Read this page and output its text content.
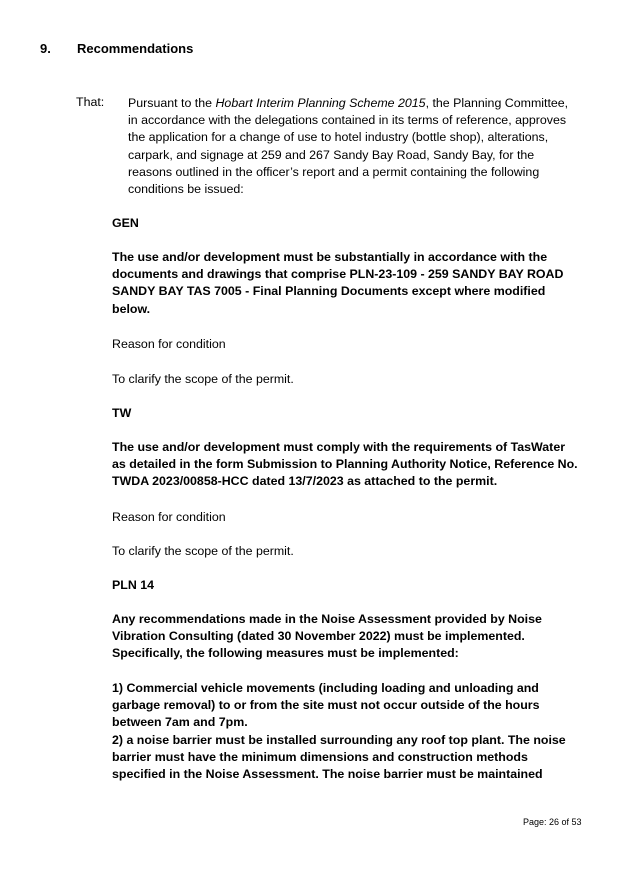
9. Recommendations
That: Pursuant to the Hobart Interim Planning Scheme 2015, the Planning Committee, in accordance with the delegations contained in its terms of reference, approves the application for a change of use to hotel industry (bottle shop), alterations, carpark, and signage at 259 and 267 Sandy Bay Road, Sandy Bay, for the reasons outlined in the officer’s report and a permit containing the following conditions be issued:
GEN
The use and/or development must be substantially in accordance with the documents and drawings that comprise PLN-23-109 - 259 SANDY BAY ROAD SANDY BAY TAS 7005 - Final Planning Documents except where modified below.
Reason for condition
To clarify the scope of the permit.
TW
The use and/or development must comply with the requirements of TasWater as detailed in the form Submission to Planning Authority Notice, Reference No. TWDA 2023/00858-HCC dated 13/7/2023 as attached to the permit.
Reason for condition
To clarify the scope of the permit.
PLN 14
Any recommendations made in the Noise Assessment provided by Noise Vibration Consulting (dated 30 November 2022) must be implemented. Specifically, the following measures must be implemented:
1) Commercial vehicle movements (including loading and unloading and garbage removal) to or from the site must not occur outside of the hours between 7am and 7pm.
2) a noise barrier must be installed surrounding any roof top plant. The noise barrier must have the minimum dimensions and construction methods specified in the Noise Assessment. The noise barrier must be maintained
Page: 26 of 53
